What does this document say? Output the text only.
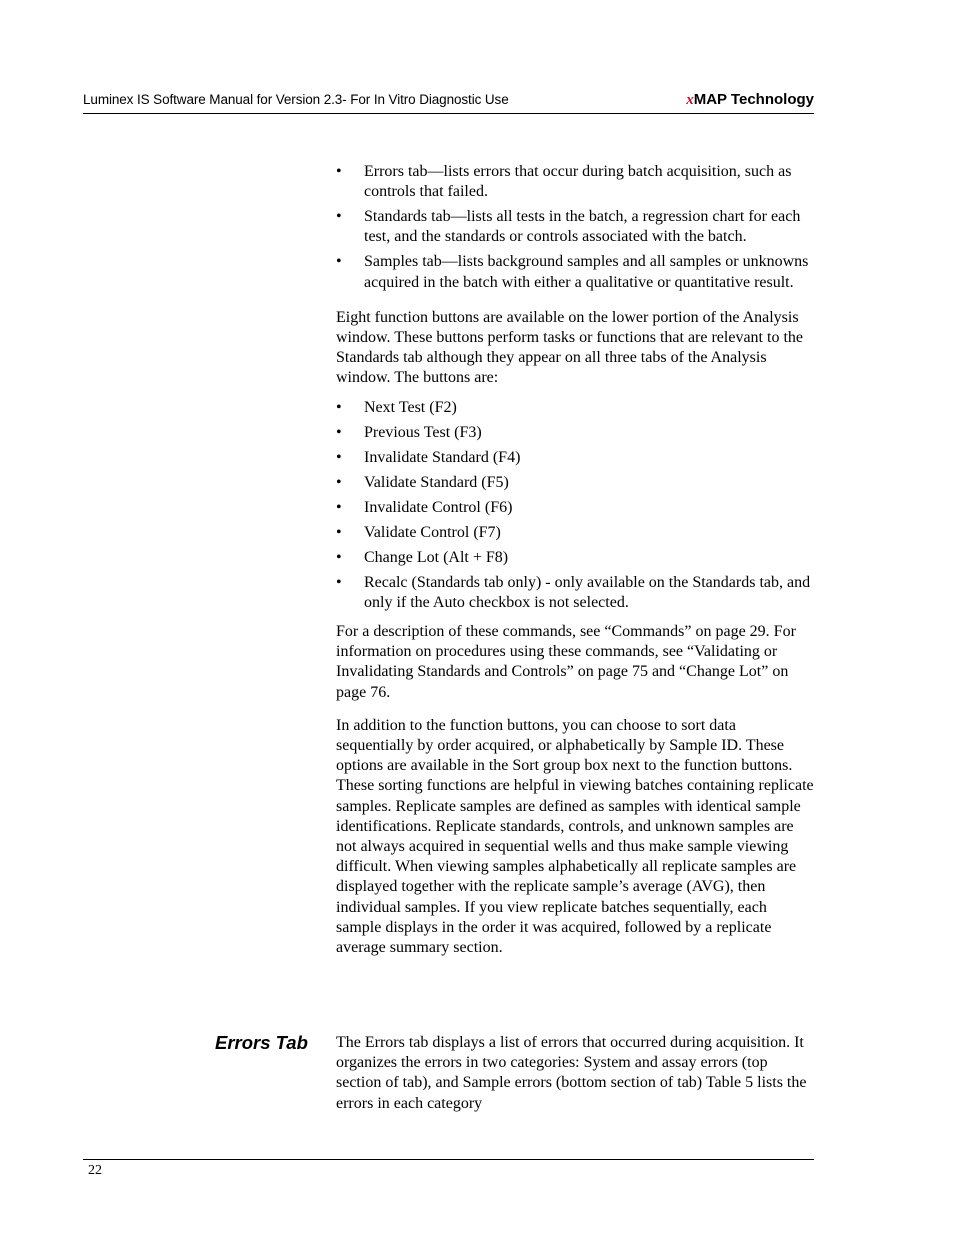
Luminex IS Software Manual for Version 2.3- For In Vitro Diagnostic Use	xMAP Technology
• Errors tab—lists errors that occur during batch acquisition, such as controls that failed.
• Standards tab—lists all tests in the batch, a regression chart for each test, and the standards or controls associated with the batch.
• Samples tab—lists background samples and all samples or unknowns acquired in the batch with either a qualitative or quantitative result.

Eight function buttons are available on the lower portion of the Analysis window. These buttons perform tasks or functions that are relevant to the Standards tab although they appear on all three tabs of the Analysis window. The buttons are:

• Next Test (F2)
• Previous Test (F3)
• Invalidate Standard (F4)
• Validate Standard (F5)
• Invalidate Control (F6)
• Validate Control (F7)
• Change Lot (Alt + F8)
• Recalc (Standards tab only) - only available on the Standards tab, and only if the Auto checkbox is not selected.

For a description of these commands, see “Commands” on page 29. For information on procedures using these commands, see “Validating or Invalidating Standards and Controls” on page 75 and “Change Lot” on page 76.

In addition to the function buttons, you can choose to sort data sequentially by order acquired, or alphabetically by Sample ID. These options are available in the Sort group box next to the function buttons. These sorting functions are helpful in viewing batches containing replicate samples. Replicate samples are defined as samples with identical sample identifications. Replicate standards, controls, and unknown samples are not always acquired in sequential wells and thus make sample viewing difficult. When viewing samples alphabetically all replicate samples are displayed together with the replicate sample’s average (AVG), then individual samples. If you view replicate batches sequentially, each sample displays in the order it was acquired, followed by a replicate average summary section.

Errors Tab The Errors tab displays a list of errors that occurred during acquisition. It organizes the errors in two categories: System and assay errors (top section of tab), and Sample errors (bottom section of tab) Table 5 lists the errors in each category

22
